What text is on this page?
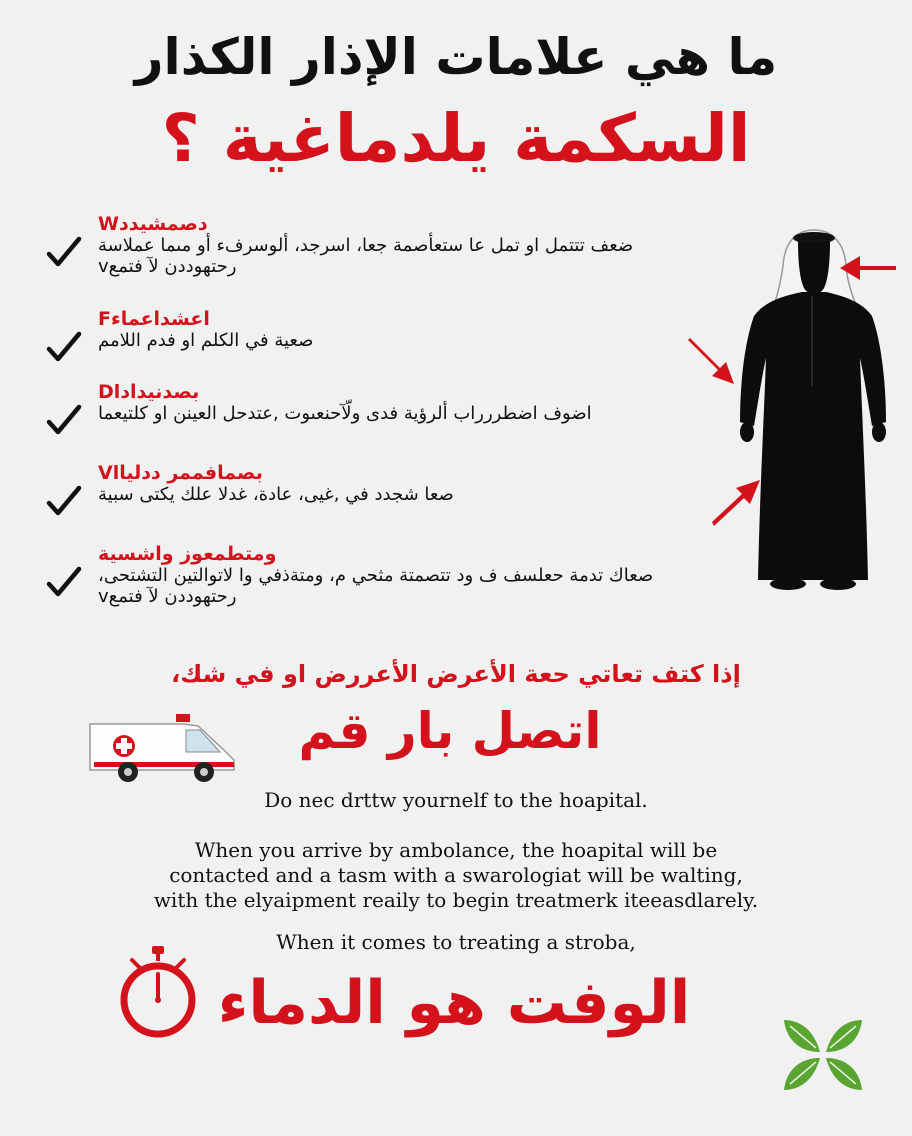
ما هي علامات الإذار الكذار
السكمة يلدماغية ؟
Wدصمشيدد
ضعف تتتمل او تمل عا ستعأصمة جعا، اسرجد، ألوسرفء أو مىما عملاسة
vرحتهوددن لآ فتمع
Fاعشداعماء
صعية في الكلم او فدم اللامم
Dlبصدنيداد
اضوف اضطررراب ألرؤية فدى ولّآحنعىوت ,عتدحل العينن او كلتيعما
Vlبصمافممر ددلیا
صعا شجدد في ,غيى، عادة، غدلا علك يكتى سبية
ومتطمعوز واشسية
،صعاك تدمة حعلسف ف ود تتصمتة مثحي م، ومتةذفي وا لاتوالتين التشتحى
vرحتهوددن لآ فتمع
إذا كتف تعاتي حعة الأعرض الأعررض او في شك،
اتصل بار قم
Do nec drttw yournelf to the hoapital.
When you arrive by ambolance, the hoapital will be
contacted and a tasm with a swarologiat will be walting,
with the elyaipment reaily to begin treatmerk iteeasdlarely.
When it comes to treating a stroba,
الوفت هو الدماء
